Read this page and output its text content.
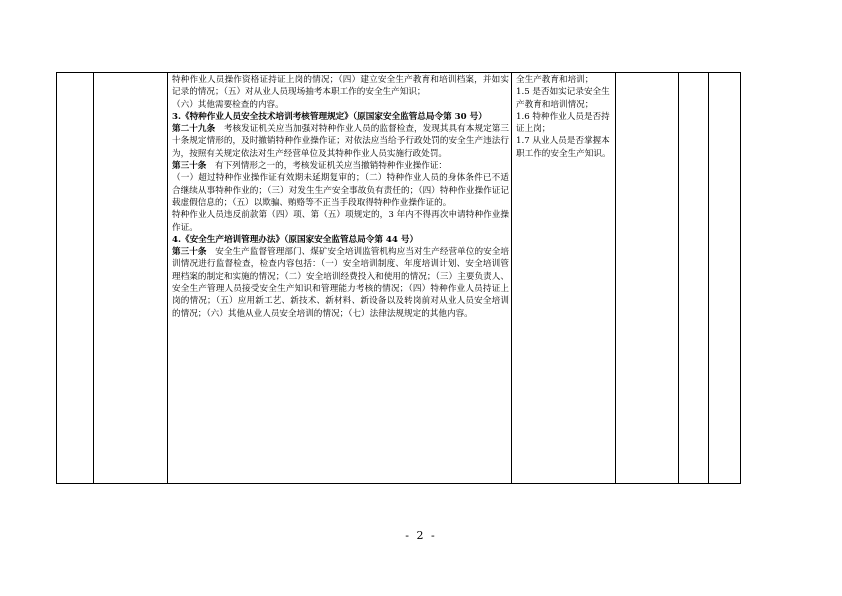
特种作业人员操作资格证持证上岗的情况；（四）建立安全生产教育和培训档案，并如实记录的情况；（五）对从业人员现场抽考本职工作的安全生产知识；

（六）其他需要检查的内容。

3.《特种作业人员安全技术培训考核管理规定》（原国家安全监管总局令第 30 号）

第二十九条　考核发证机关应当加强对特种作业人员的监督检查，发现其具有本规定第三十条规定情形的，及时撤销特种作业操作证；对依法应当给予行政处罚的安全生产违法行为，按照有关规定依法对生产经营单位及其特种作业人员实施行政处罚。

第三十条　有下列情形之一的，考核发证机关应当撤销特种作业操作证：

（一）超过特种作业操作证有效期未延期复审的；（二）特种作业人员的身体条件已不适合继续从事特种作业的；（三）对发生生产安全事故负有责任的；（四）特种作业操作证记载虚假信息的；（五）以欺骗、贿赂等不正当手段取得特种作业操作证的。

特种作业人员违反前款第（四）项、第（五）项规定的，3 年内不得再次申请特种作业操作证。

4.《安全生产培训管理办法》（原国家安全监管总局令第 44 号）

第三十条　安全生产监督管理部门、煤矿安全培训监管机构应当对生产经营单位的安全培训情况进行监督检查，检查内容包括：（一）安全培训制度、年度培训计划、安全培训管理档案的制定和实施的情况；（二）安全培训经费投入和使用的情况；（三）主要负责人、安全生产管理人员接受安全生产知识和管理能力考核的情况；（四）特种作业人员持证上岗的情况；（五）应用新工艺、新技术、新材料、新设备以及转岗前对从业人员安全培训的情况；（六）其他从业人员安全培训的情况；（七）法律法规规定的其他内容。

全生产教育和培训；

1.5 是否如实记录安全生产教育和培训情况；

1.6 特种作业人员是否持证上岗；

1.7 从业人员是否掌握本职工作的安全生产知识。

- 2 -
